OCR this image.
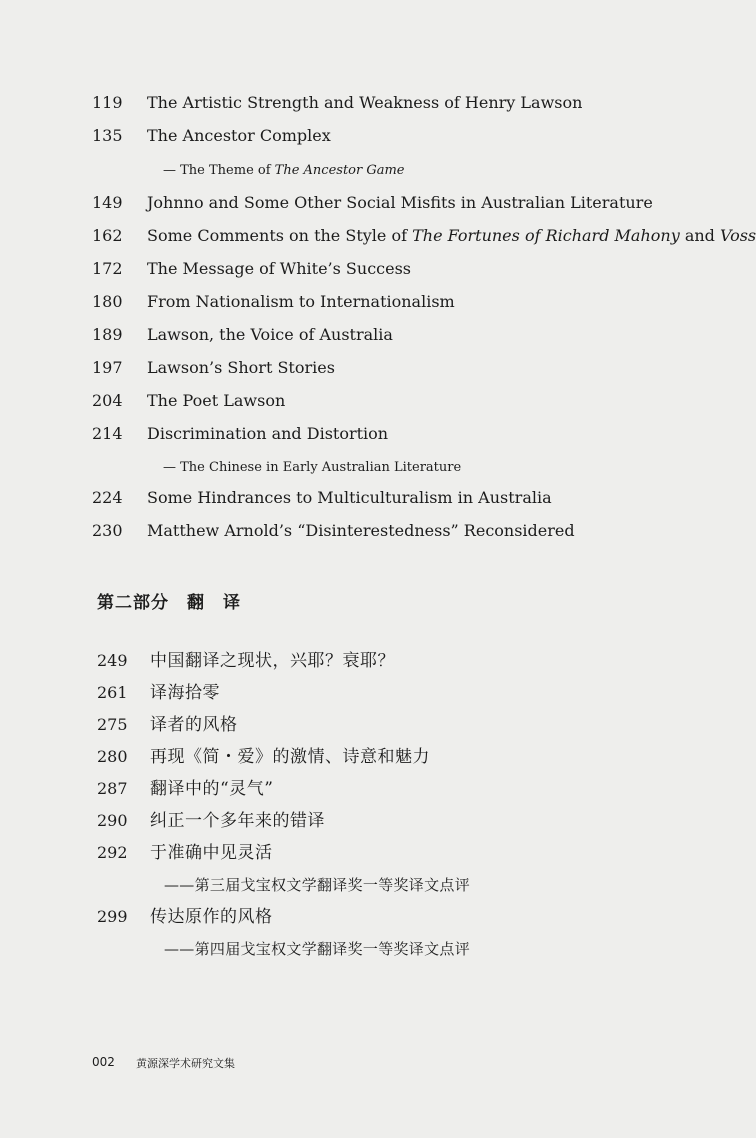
119 The Artistic Strength and Weakness of Henry Lawson
135 The Ancestor Complex
— The Theme of The Ancestor Game
149 Johnno and Some Other Social Misfits in Australian Literature
162 Some Comments on the Style of The Fortunes of Richard Mahony and Voss
172 The Message of White’s Success
180 From Nationalism to Internationalism
189 Lawson, the Voice of Australia
197 Lawson’s Short Stories
204 The Poet Lawson
214 Discrimination and Distortion
— The Chinese in Early Australian Literature
224 Some Hindrances to Multiculturalism in Australia
230 Matthew Arnold’s “Disinterestedness” Reconsidered
第二部分　翻　译
249 中国翻译之现状，兴耶？衰耶？
261 译海拾零
275 译者的风格
280 再现《简・爱》的激情、诗意和魅力
287 翻译中的“灵气”
290 纠正一个多年来的错译
292 于准确中见灵活
——第三届戈宝权文学翻译奖一等奖译文点评
299 传达原作的风格
——第四届戈宝权文学翻译奖一等奖译文点评
002 黄源深学术研究文集
